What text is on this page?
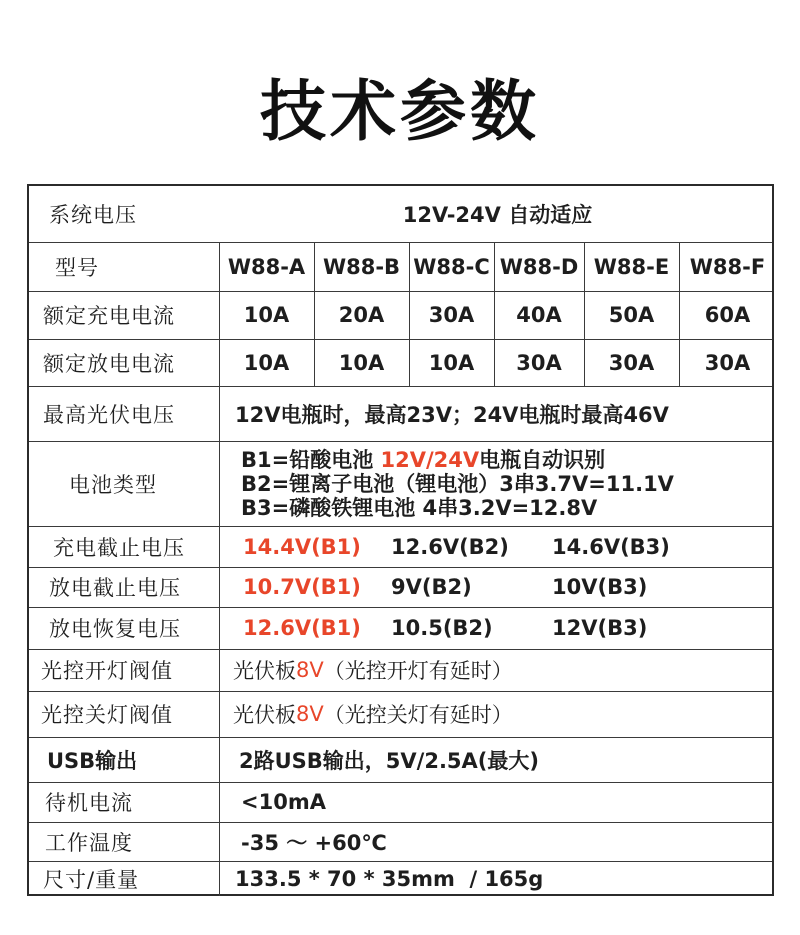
技术参数
系统电压	12V-24V 自动适应
型号	W88-A W88-B W88-C W88-D W88-E W88-F
额定充电电流	10A	20A	30A	40A	50A	60A
额定放电电流	10A	10A	10A	30A	30A	30A
最高光伏电压	12V电瓶时，最高23V；24V电瓶时最高46V
电池类型
B1=铅酸电池 12V/24V电瓶自动识别
B2=锂离子电池（锂电池）3串3.7V=11.1V
B3=磷酸铁锂电池 4串3.2V=12.8V
充电截止电压	14.4V(B1) 12.6V(B2) 14.6V(B3)
放电截止电压	10.7V(B1) 9V(B2)	10V(B3)
放电恢复电压	12.6V(B1) 10.5(B2)	12V(B3)
光控开灯阀值	光伏板 8V （光控开灯有延时）
光控关灯阀值	光伏板 8V （光控关灯有延时）
USB输出	2路USB输出，5V/2.5A(最大)
待机电流	<10mA
工作温度	-35 ～ +60℃
尺寸/重量	133.5 * 70 * 35mm  / 165g
